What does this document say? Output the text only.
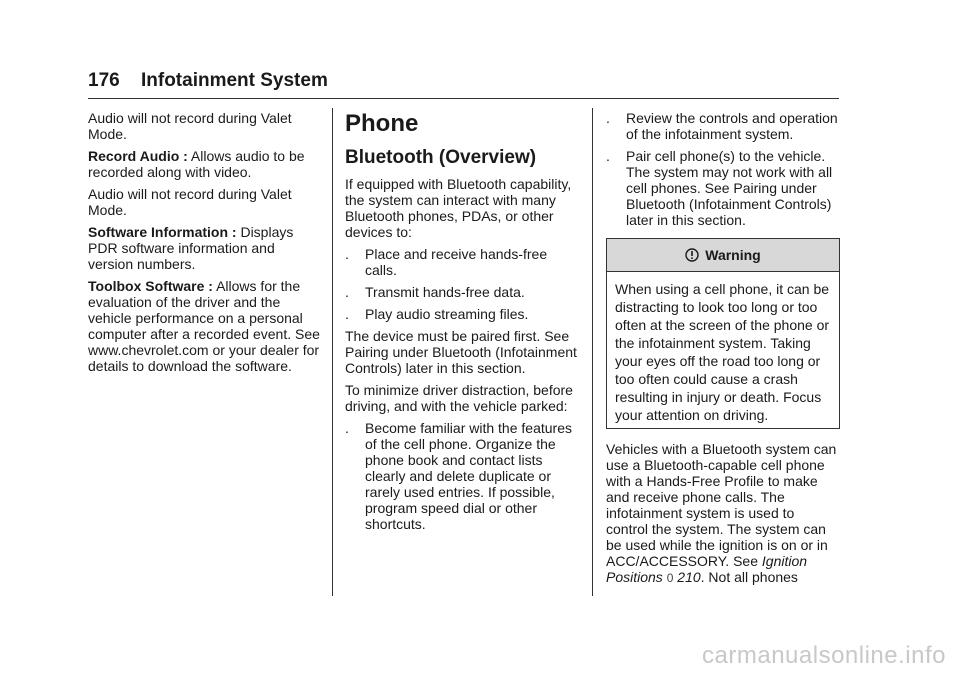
176 Infotainment System

Audio will not record during Valet Mode.

Record Audio : Allows audio to be recorded along with video.

Audio will not record during Valet Mode.

Software Information : Displays PDR software information and version numbers.

Toolbox Software : Allows for the evaluation of the driver and the vehicle performance on a personal computer after a recorded event. See www.chevrolet.com or your dealer for details to download the software.

Phone
Bluetooth (Overview)

If equipped with Bluetooth capability, the system can interact with many Bluetooth phones, PDAs, or other devices to:

.	Place and receive hands-free calls.
.	Transmit hands-free data.
.	Play audio streaming files.

The device must be paired first. See Pairing under Bluetooth (Infotainment Controls) later in this section.

To minimize driver distraction, before driving, and with the vehicle parked:

.	Become familiar with the features of the cell phone. Organize the phone book and contact lists clearly and delete duplicate or rarely used entries. If possible, program speed dial or other shortcuts.
.	Review the controls and operation of the infotainment system.
.	Pair cell phone(s) to the vehicle. The system may not work with all cell phones. See Pairing under Bluetooth (Infotainment Controls) later in this section.
Warning
When using a cell phone, it can be distracting to look too long or too often at the screen of the phone or the infotainment system. Taking your eyes off the road too long or too often could cause a crash resulting in injury or death. Focus your attention on driving.

Vehicles with a Bluetooth system can use a Bluetooth-capable cell phone with a Hands-Free Profile to make and receive phone calls. The infotainment system is used to control the system. The system can be used while the ignition is on or in ACC/ACCESSORY. See Ignition Positions 0 210. Not all phones

carmanualsonline.info
